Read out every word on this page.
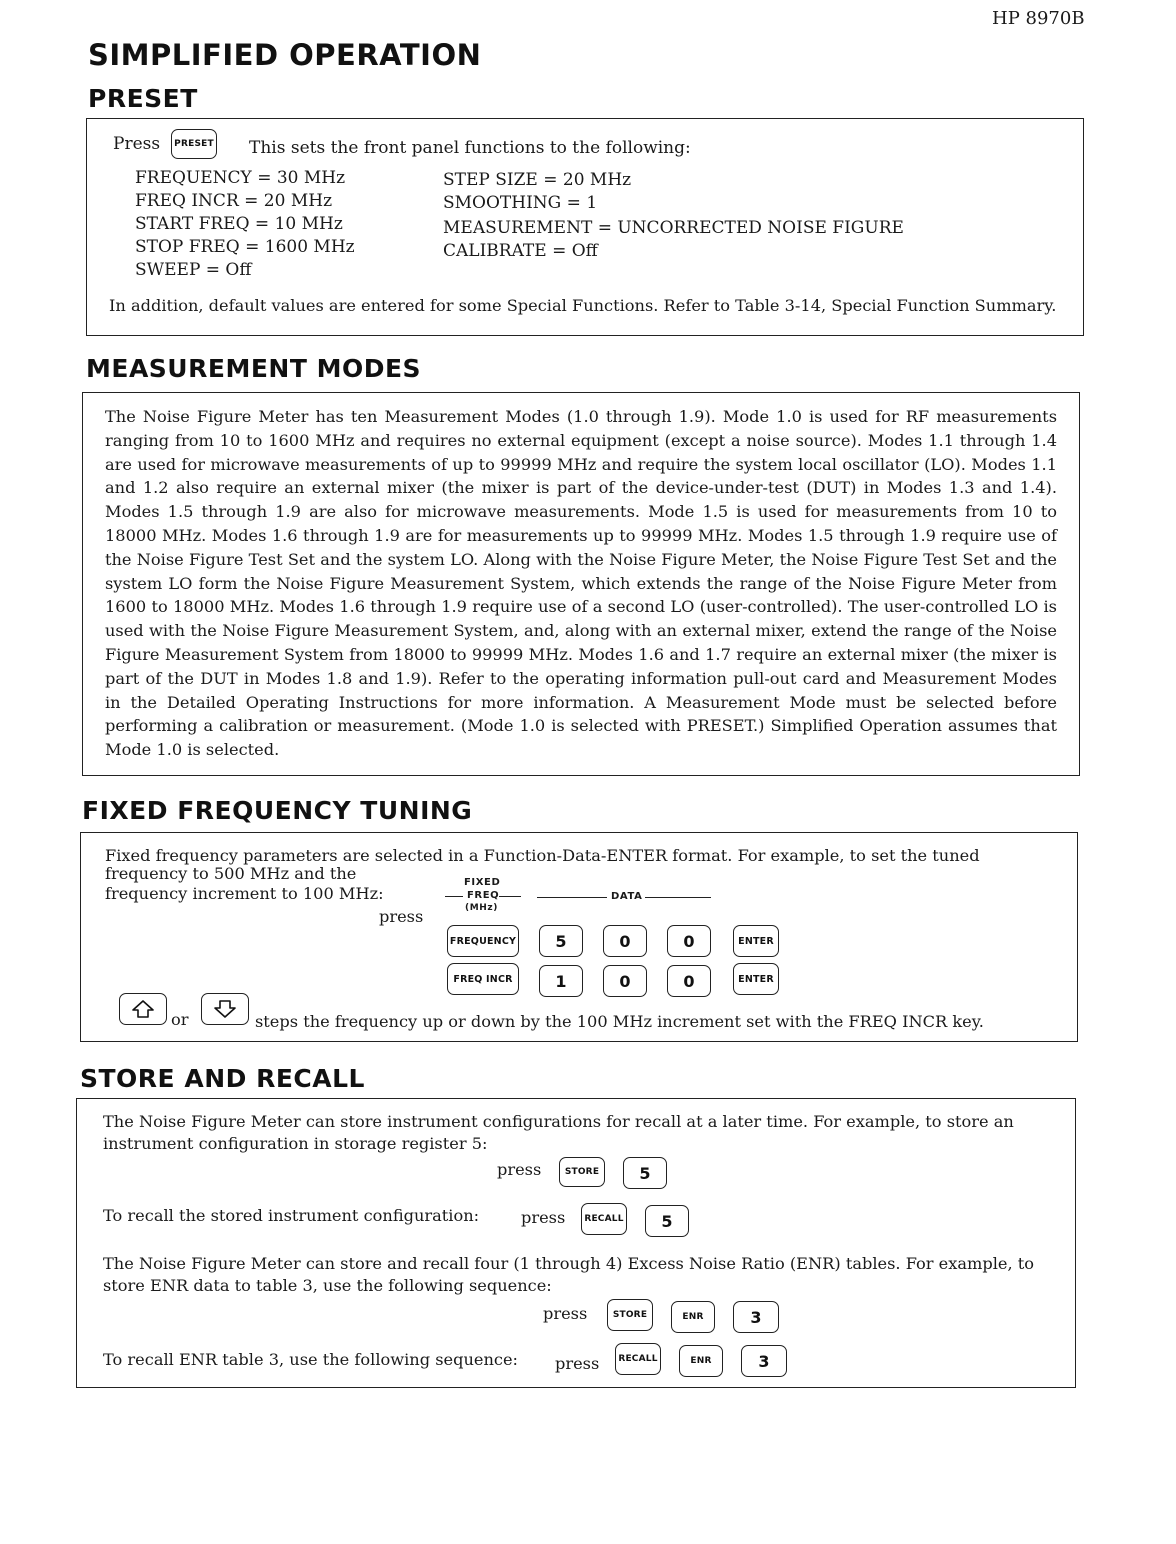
HP 8970B
SIMPLIFIED OPERATION
PRESET
Press	PRESET This sets the front panel functions to the following:
FREQUENCY = 30 MHz
FREQ INCR = 20 MHz
START FREQ = 10 MHz
STOP FREQ = 1600 MHz
SWEEP = Off
STEP SIZE = 20 MHz
SMOOTHING = 1
MEASUREMENT = UNCORRECTED NOISE FIGURE
CALIBRATE = Off
In addition, default values are entered for some Special Functions. Refer to Table 3-14, Special Function Summary.
MEASUREMENT MODES
The Noise Figure Meter has ten Measurement Modes (1.0 through 1.9). Mode 1.0 is used for RF measurements ranging from 10 to 1600 MHz and requires no external equipment (except a noise source). Modes 1.1 through 1.4 are used for microwave measurements of up to 99999 MHz and require the system local oscillator (LO). Modes 1.1 and 1.2 also require an external mixer (the mixer is part of the device-under-test (DUT) in Modes 1.3 and 1.4). Modes 1.5 through 1.9 are also for microwave measurements. Mode 1.5 is used for measurements from 10 to 18000 MHz. Modes 1.6 through 1.9 are for measurements up to 99999 MHz. Modes 1.5 through 1.9 require use of the Noise Figure Test Set and the system LO. Along with the Noise Figure Meter, the Noise Figure Test Set and the system LO form the Noise Figure Measurement System, which extends the range of the Noise Figure Meter from 1600 to 18000 MHz. Modes 1.6 through 1.9 require use of a second LO (user-controlled). The user-controlled LO is used with the Noise Figure Measurement System, and, along with an external mixer, extend the range of the Noise Figure Measurement System from 18000 to 99999 MHz. Modes 1.6 and 1.7 require an external mixer (the mixer is part of the DUT in Modes 1.8 and 1.9). Refer to the operating information pull-out card and Measurement Modes in the Detailed Operating Instructions for more information. A Measurement Mode must be selected before performing a calibration or measurement. (Mode 1.0 is selected with PRESET.) Simplified Operation assumes that Mode 1.0 is selected.
FIXED FREQUENCY TUNING
Fixed frequency parameters are selected in a Function-Data-ENTER format. For example, to set the tuned
frequency to 500 MHz and the
frequency increment to 100 MHz:
press
FIXED
FREQ
(MHz)
DATA
FREQUENCY	5	0	0	ENTER
FREQ INCR	1	0	0	ENTER
or	steps the frequency up or down by the 100 MHz increment set with the FREQ INCR key.
STORE AND RECALL
The Noise Figure Meter can store instrument configurations for recall at a later time. For example, to store an
instrument configuration in storage register 5:
press	STORE	5
To recall the stored instrument configuration:	press	RECALL	5
The Noise Figure Meter can store and recall four (1 through 4) Excess Noise Ratio (ENR) tables. For example, to
store ENR data to table 3, use the following sequence:
press	STORE	ENR	3
To recall ENR table 3, use the following sequence: press	RECALL	ENR	3
